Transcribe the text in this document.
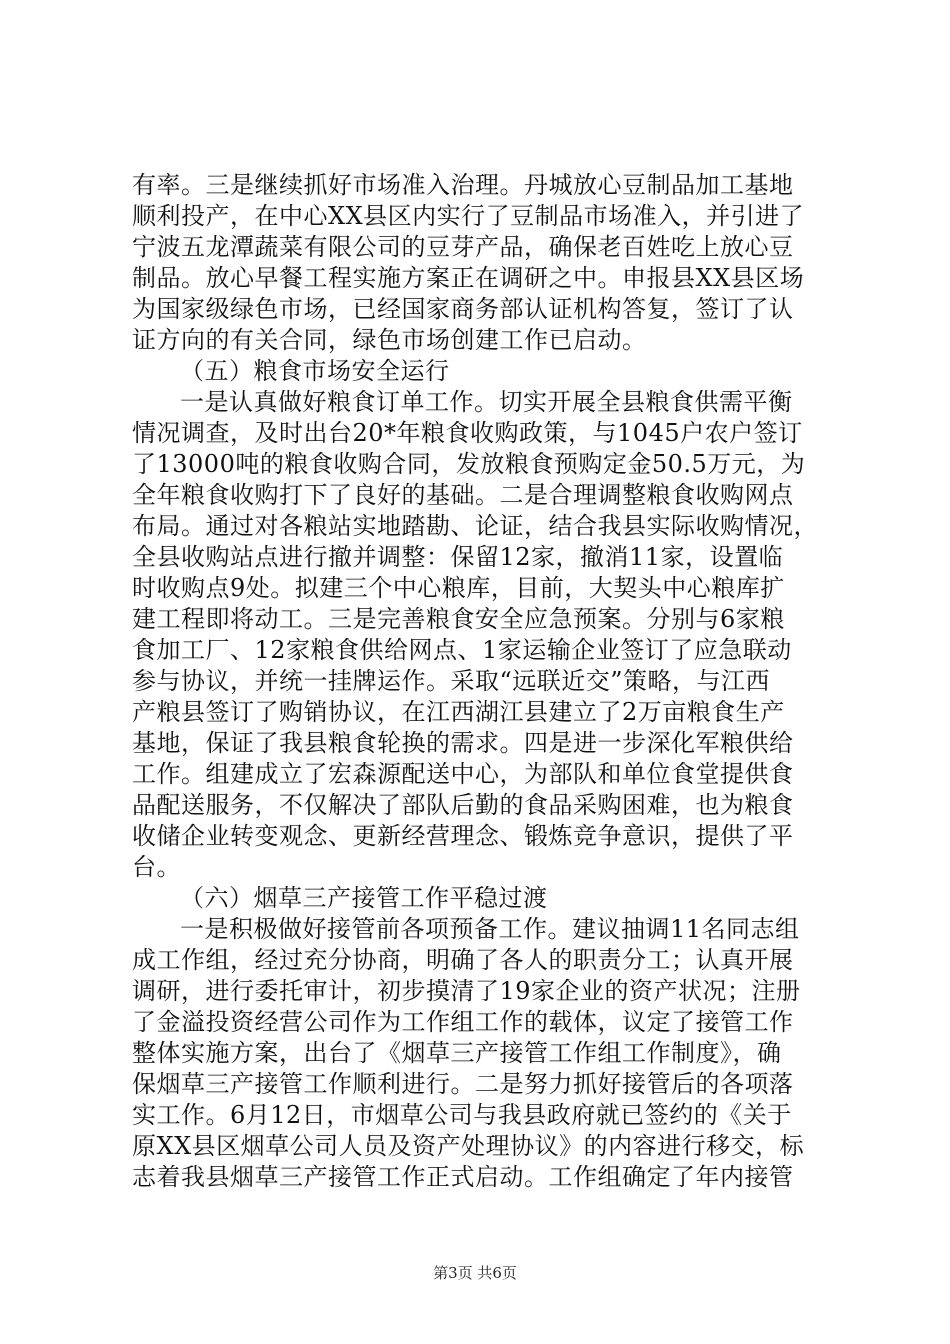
有率。三是继续抓好市场准入治理。丹城放心豆制品加工基地
顺利投产，在中心XX县区内实行了豆制品市场准入，并引进了
宁波五龙潭蔬菜有限公司的豆芽产品，确保老百姓吃上放心豆
制品。放心早餐工程实施方案正在调研之中。申报县XX县区场
为国家级绿色市场，已经国家商务部认证机构答复，签订了认
证方向的有关合同，绿色市场创建工作已启动。
（五）粮食市场安全运行
一是认真做好粮食订单工作。切实开展全县粮食供需平衡
情况调查，及时出台20*年粮食收购政策，与1045户农户签订
了13000吨的粮食收购合同，发放粮食预购定金50.5万元，为
全年粮食收购打下了良好的基础。二是合理调整粮食收购网点
布局。通过对各粮站实地踏勘、论证，结合我县实际收购情况，
全县收购站点进行撤并调整：保留12家，撤消11家，设置临
时收购点9处。拟建三个中心粮库，目前，大契头中心粮库扩
建工程即将动工。三是完善粮食安全应急预案。分别与6家粮
食加工厂、12家粮食供给网点、1家运输企业签订了应急联动
参与协议，并统一挂牌运作。采取“远联近交”策略，与江西
产粮县签订了购销协议，在江西湖江县建立了2万亩粮食生产
基地，保证了我县粮食轮换的需求。四是进一步深化军粮供给
工作。组建成立了宏森源配送中心，为部队和单位食堂提供食
品配送服务，不仅解决了部队后勤的食品采购困难，也为粮食
收储企业转变观念、更新经营理念、锻炼竞争意识，提供了平
台。
（六）烟草三产接管工作平稳过渡
一是积极做好接管前各项预备工作。建议抽调11名同志组
成工作组，经过充分协商，明确了各人的职责分工；认真开展
调研，进行委托审计，初步摸清了19家企业的资产状况；注册
了金溢投资经营公司作为工作组工作的载体，议定了接管工作
整体实施方案，出台了《烟草三产接管工作组工作制度》，确
保烟草三产接管工作顺利进行。二是努力抓好接管后的各项落
实工作。6月12日，市烟草公司与我县政府就已签约的《关于
原XX县区烟草公司人员及资产处理协议》的内容进行移交，标
志着我县烟草三产接管工作正式启动。工作组确定了年内接管
第3页 共6页
